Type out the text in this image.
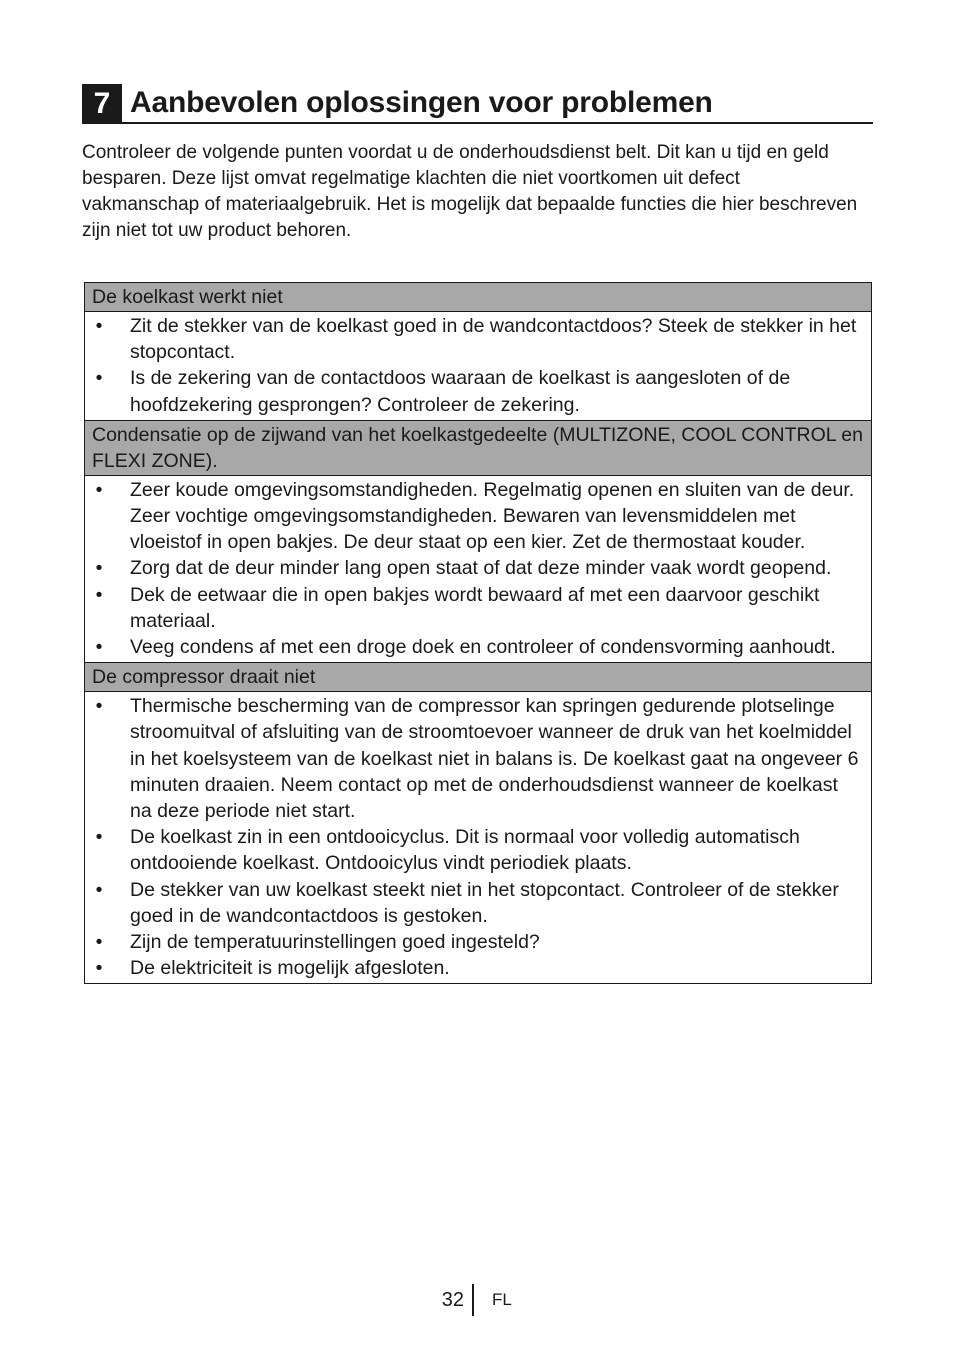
7 Aanbevolen oplossingen voor problemen

Controleer de volgende punten voordat u de onderhoudsdienst belt. Dit kan u tijd en geld besparen. Deze lijst omvat regelmatige klachten die niet voortkomen uit defect vakmanschap of materiaalgebruik. Het is mogelijk dat bepaalde functies die hier beschreven zijn niet tot uw product behoren.

De koelkast werkt niet
• Zit de stekker van de koelkast goed in de wandcontactdoos? Steek de stekker in het stopcontact.
• Is de zekering van de contactdoos waaraan de koelkast is aangesloten of de hoofdzekering gesprongen? Controleer de zekering.
Condensatie op de zijwand van het koelkastgedeelte (MULTIZONE, COOL CONTROL en FLEXI ZONE).
• Zeer koude omgevingsomstandigheden. Regelmatig openen en sluiten van de deur. Zeer vochtige omgevingsomstandigheden. Bewaren van levensmiddelen met vloeistof in open bakjes. De deur staat op een kier. Zet de thermostaat kouder.
• Zorg dat de deur minder lang open staat of dat deze minder vaak wordt geopend.
• Dek de eetwaar die in open bakjes wordt bewaard af met een daarvoor geschikt materiaal.
• Veeg condens af met een droge doek en controleer of condensvorming aanhoudt.
De compressor draait niet
• Thermische bescherming van de compressor kan springen gedurende plotselinge stroomuitval of afsluiting van de stroomtoevoer wanneer de druk van het koelmiddel in het koelsysteem van de koelkast niet in balans is. De koelkast gaat na ongeveer 6 minuten draaien. Neem contact op met de onderhoudsdienst wanneer de koelkast na deze periode niet start.
• De koelkast zin in een ontdooicyclus. Dit is normaal voor volledig automatisch ontdooiende koelkast. Ontdooicylus vindt periodiek plaats.
• De stekker van uw koelkast steekt niet in het stopcontact. Controleer of de stekker goed in de wandcontactdoos is gestoken.
• Zijn de temperatuurinstellingen goed ingesteld?
• De elektriciteit is mogelijk afgesloten.
32 FL
